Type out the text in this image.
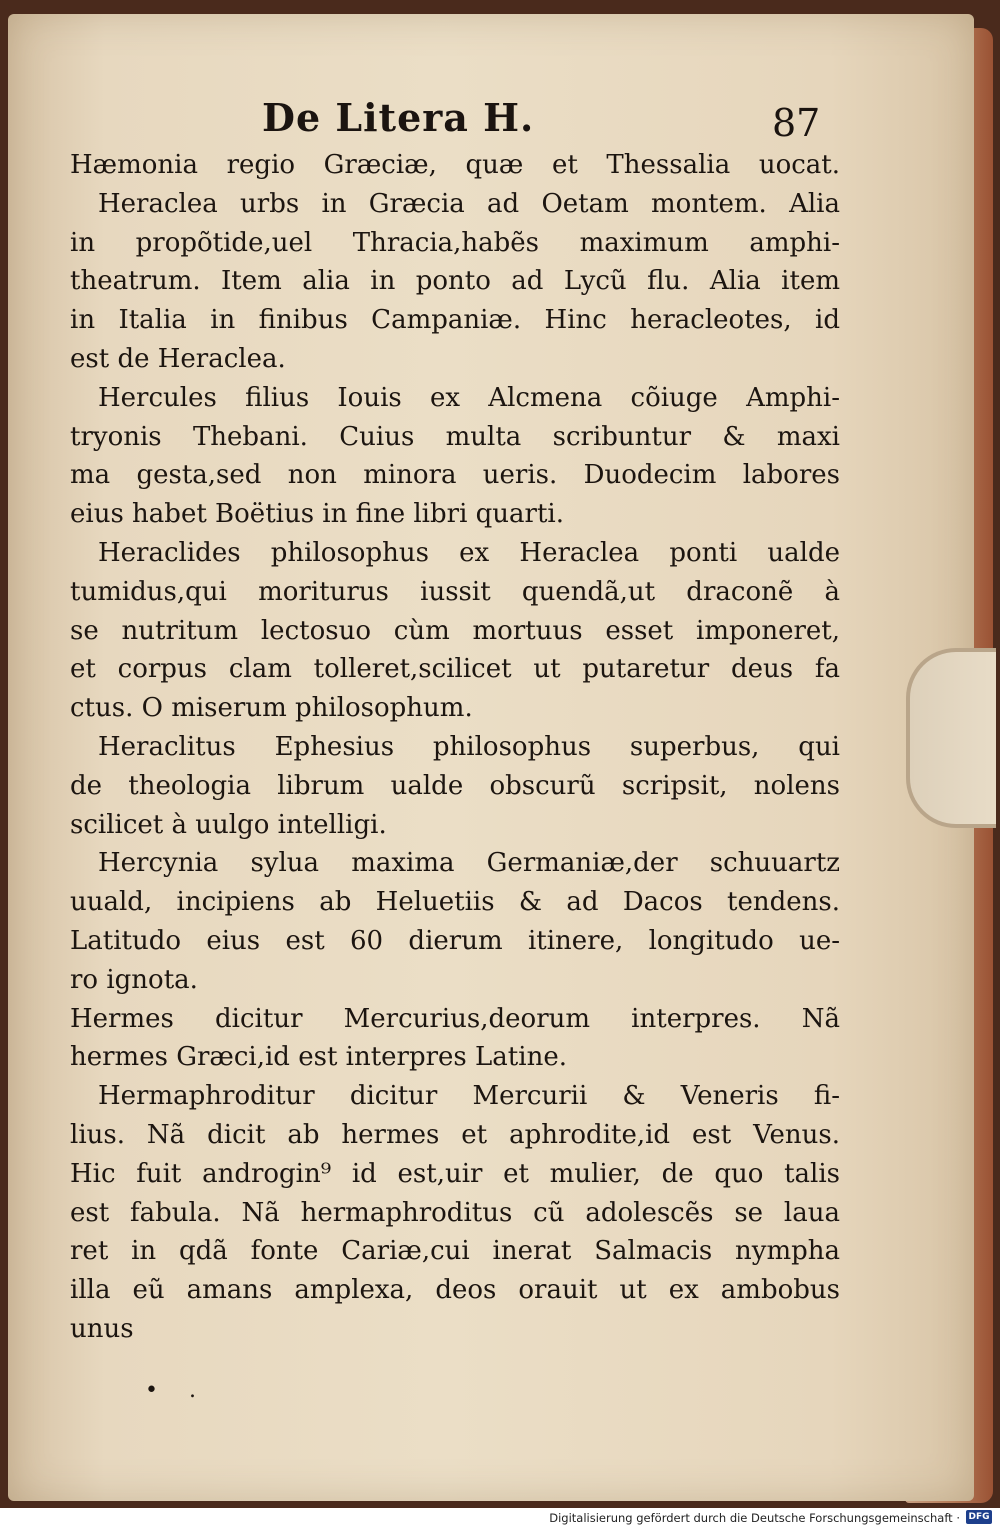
De Litera H.	87
Hæmonia regio Græciæ, quæ et Thessalia uocat.
Heraclea urbs in Græcia ad Oetam montem. Alia
in propõtide,uel Thracia,habẽs maximum amphi-
theatrum. Item alia in ponto ad Lycũ flu. Alia item
in Italia in finibus Campaniæ. Hinc heracleotes, id
est de Heraclea.
Hercules filius Iouis ex Alcmena cõiuge Amphi-
tryonis Thebani. Cuius multa scribuntur & maxi
ma gesta,sed non minora ueris. Duodecim labores
eius habet Boëtius in fine libri quarti.
Heraclides philosophus ex Heraclea ponti ualde
tumidus,qui moriturus iussit quendã,ut draconẽ à
se nutritum lectosuo cùm mortuus esset imponeret,
et corpus clam tolleret,scilicet ut putaretur deus fa
ctus. O miserum philosophum.
Heraclitus Ephesius philosophus superbus, qui
de theologia librum ualde obscurũ scripsit, nolens
scilicet à uulgo intelligi.
Hercynia sylua maxima Germaniæ,der schuuartz
uuald, incipiens ab Heluetiis & ad Dacos tendens.
Latitudo eius est 60 dierum itinere, longitudo ue-
ro ignota.
Hermes dicitur Mercurius,deorum interpres. Nã
hermes Græci,id est interpres Latine.
Hermaphroditur dicitur Mercurii & Veneris fi-
lius. Nã dicit ab hermes et aphrodite,id est Venus.
Hic fuit androgin⁹ id est,uir et mulier, de quo talis
est fabula. Nã hermaphroditus cũ adolescẽs se laua
ret in qdã fonte Cariæ,cui inerat Salmacis nympha
illa eũ amans amplexa, deos orauit ut ex ambobus
unus
• .
Digitalisierung gefördert durch die Deutsche Forschungsgemeinschaft · DFG
